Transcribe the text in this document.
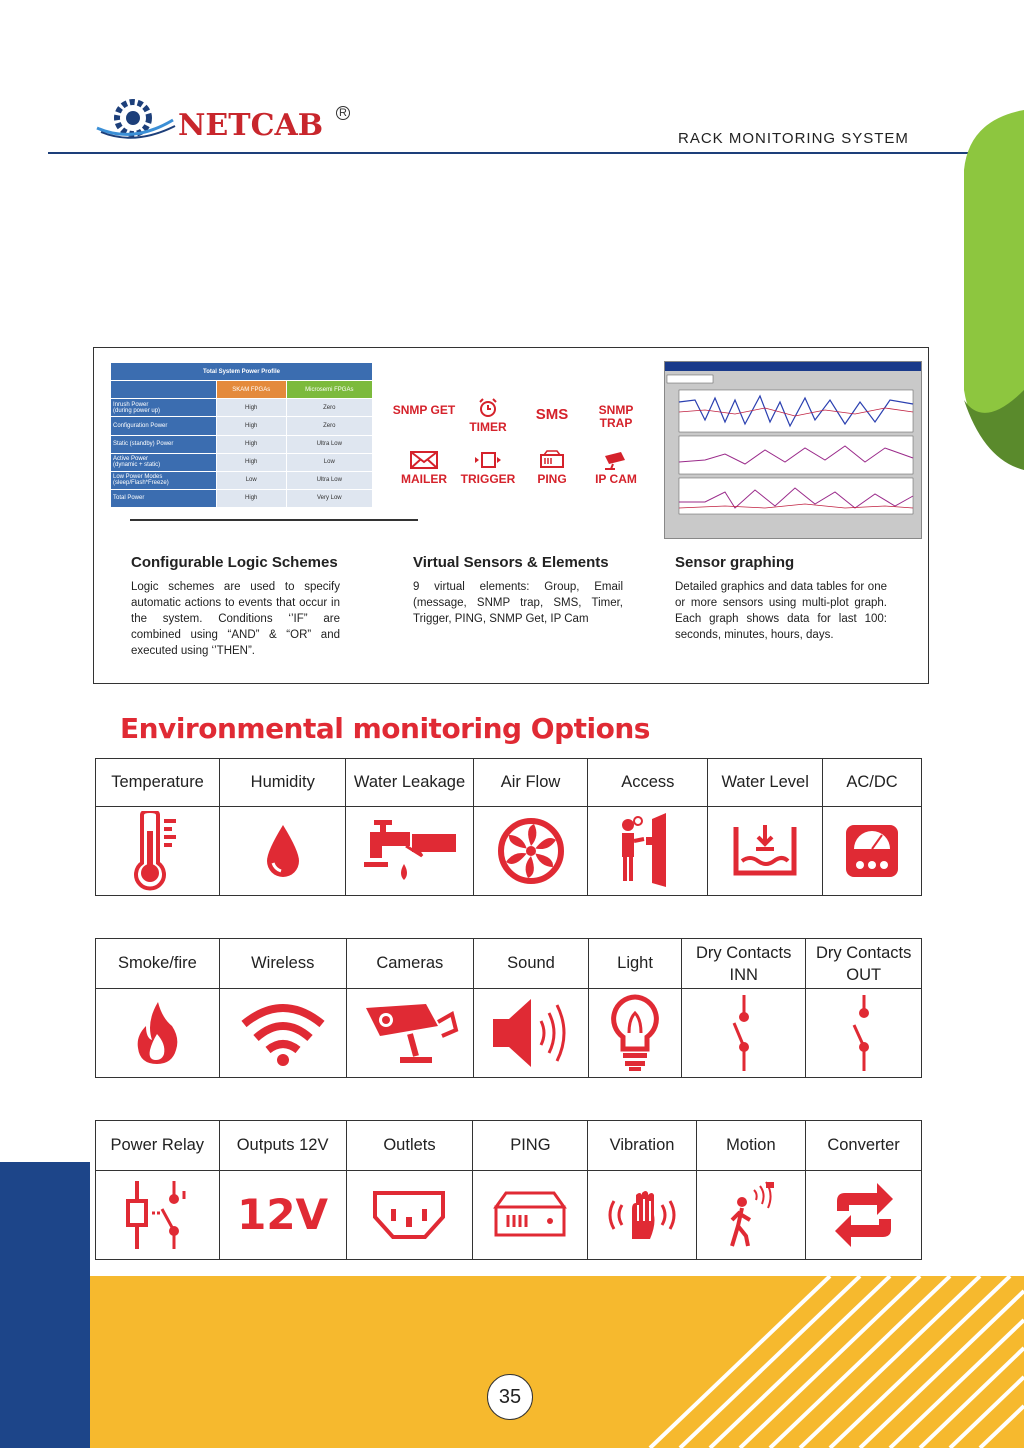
NETCAB R
RACK MONITORING SYSTEM
Total System Power Profile		
	SKAM FPGAs	Microsemi FPGAs
Inrush Power
(during power up)	High	Zero
Configuration Power	High	Zero
Static (standby) Power	High	Ultra Low
Active Power
(dynamic + static)	High	Low
Low Power Modes
(sleep/Flash*Freeze)	Low	Ultra Low
Total Power	High	Very Low
SNMP GET

TIMER
SMS	SNMP TRAP

MAILER	TRIGGER	PING	IP CAM
Configurable Logic Schemes
Logic schemes are used to specify automatic actions to events that occur in the system. Conditions ‘’IF” are combined using “AND” & “OR” and executed using ‘’THEN”.
Virtual Sensors & Elements
9 virtual elements: Group, Email (message, SNMP trap, SMS, Timer, Trigger, PING, SNMP Get, IP Cam
Sensor graphing
Detailed graphics and data tables for one or more sensors using multi-plot graph. Each graph shows data for last 100: seconds, minutes, hours, days.
Environmental monitoring Options
Temperature	Humidity	Water Leakage	Air Flow	Access	Water Level	AC/DC

Smoke/fire	Wireless	Cameras	Sound	Light	Dry Contacts INN	Dry Contacts OUT

Power Relay	Outputs 12V	Outlets	PING	Vibration	Motion	Converter

12V

35
